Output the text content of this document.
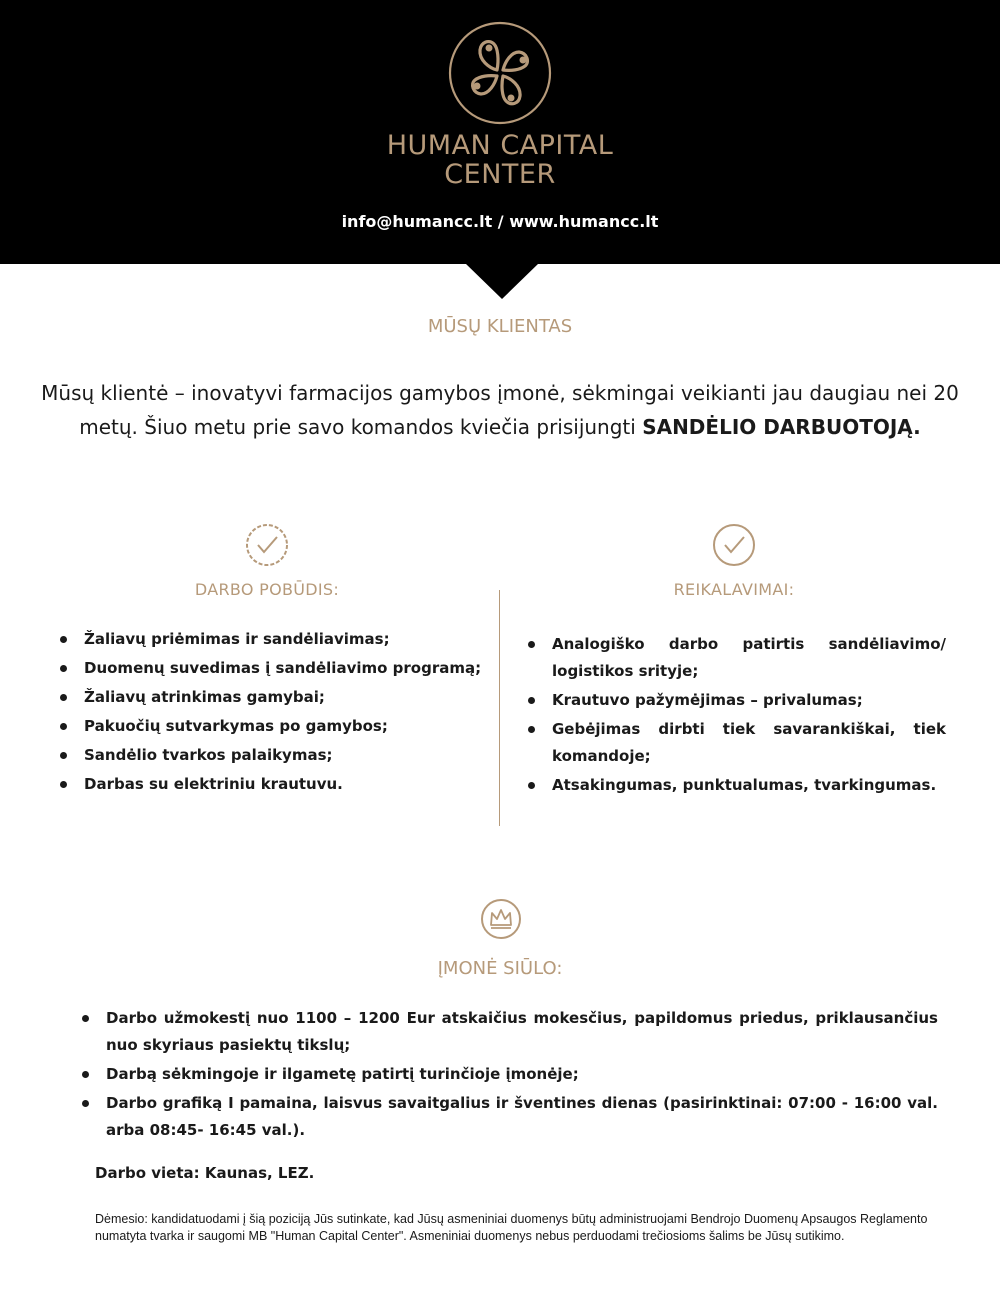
HUMAN CAPITAL
CENTER
info@humancc.lt / www.humancc.lt
MŪSŲ KLIENTAS
Mūsų klientė – inovatyvi farmacijos gamybos įmonė, sėkmingai veikianti jau daugiau nei 20 metų. Šiuo metu prie savo komandos kviečia prisijungti SANDĖLIO DARBUOTOJĄ.
DARBO POBŪDIS:
Žaliavų priėmimas ir sandėliavimas;
Duomenų suvedimas į sandėliavimo programą;
Žaliavų atrinkimas gamybai;
Pakuočių sutvarkymas po gamybos;
Sandėlio tvarkos palaikymas;
Darbas su elektriniu krautuvu.
REIKALAVIMAI:
Analogiško darbo patirtis sandėliavimo/ logistikos srityje;
Krautuvo pažymėjimas – privalumas;
Gebėjimas dirbti tiek savarankiškai, tiek komandoje;
Atsakingumas, punktualumas, tvarkingumas.
ĮMONĖ SIŪLO:
Darbo užmokestį nuo 1100 – 1200 Eur atskaičius mokesčius, papildomus priedus, priklausančius nuo skyriaus pasiektų tikslų;
Darbą sėkmingoje ir ilgametę patirtį turinčioje įmonėje;
Darbo grafiką I pamaina, laisvus savaitgalius ir šventines dienas (pasirinktinai: 07:00 - 16:00 val. arba 08:45- 16:45 val.).
Darbo vieta: Kaunas, LEZ.
Dėmesio: kandidatuodami į šią poziciją Jūs sutinkate, kad Jūsų asmeniniai duomenys būtų administruojami Bendrojo Duomenų Apsaugos Reglamento numatyta tvarka ir saugomi MB "Human Capital Center". Asmeniniai duomenys nebus perduodami trečiosioms šalims be Jūsų sutikimo.
